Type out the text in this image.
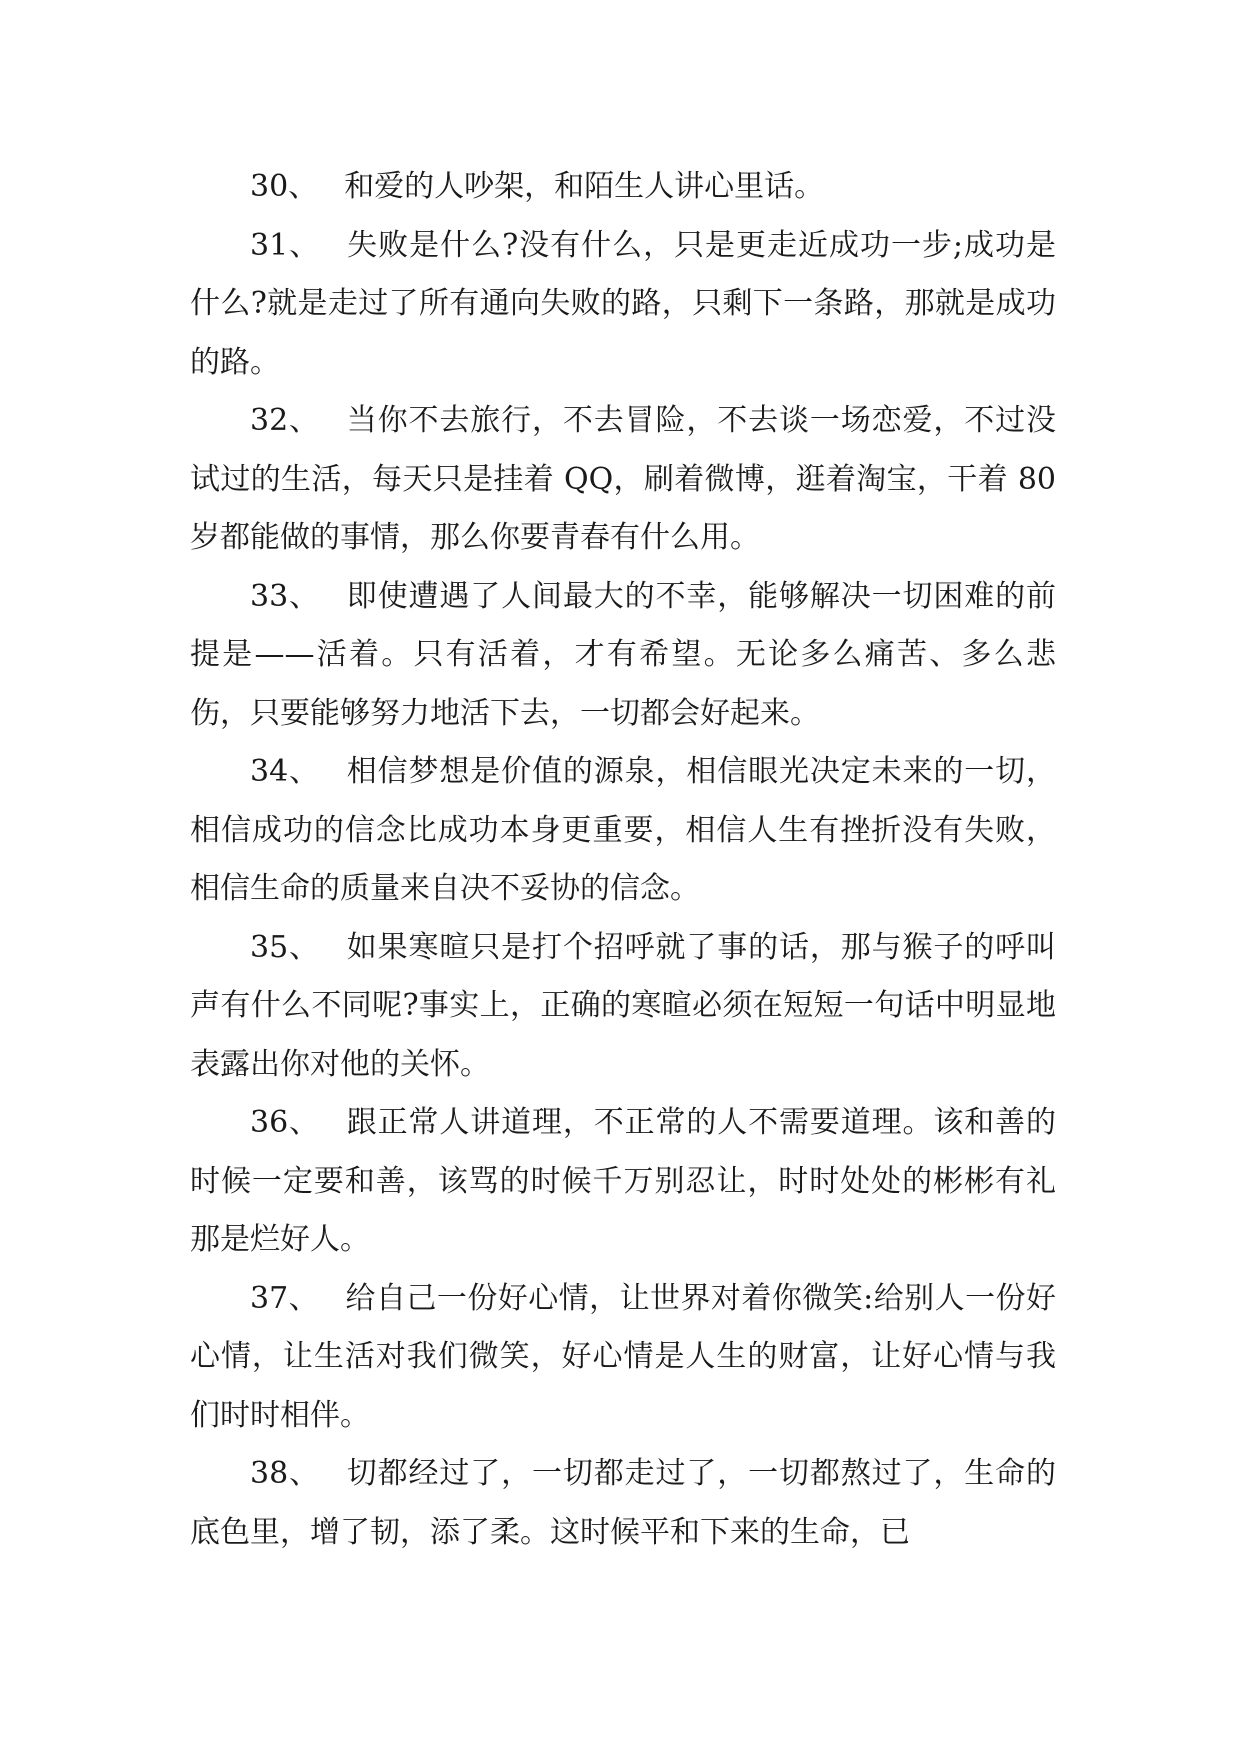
30、 和爱的人吵架，和陌生人讲心里话。

31、 失败是什么?没有什么，只是更走近成功一步;成功是什么?就是走过了所有通向失败的路，只剩下一条路，那就是成功的路。

32、 当你不去旅行，不去冒险，不去谈一场恋爱，不过没试过的生活，每天只是挂着 QQ，刷着微博，逛着淘宝，干着 80 岁都能做的事情，那么你要青春有什么用。

33、 即使遭遇了人间最大的不幸，能够解决一切困难的前提是——活着。只有活着，才有希望。无论多么痛苦、多么悲伤，只要能够努力地活下去，一切都会好起来。

34、 相信梦想是价值的源泉，相信眼光决定未来的一切，相信成功的信念比成功本身更重要，相信人生有挫折没有失败，相信生命的质量来自决不妥协的信念。

35、 如果寒暄只是打个招呼就了事的话，那与猴子的呼叫声有什么不同呢?事实上，正确的寒暄必须在短短一句话中明显地表露出你对他的关怀。

36、 跟正常人讲道理，不正常的人不需要道理。该和善的时候一定要和善，该骂的时候千万别忍让，时时处处的彬彬有礼那是烂好人。

37、 给自己一份好心情，让世界对着你微笑:给别人一份好心情，让生活对我们微笑，好心情是人生的财富，让好心情与我们时时相伴。

38、 切都经过了，一切都走过了，一切都熬过了，生命的底色里，增了韧，添了柔。这时候平和下来的生命，已
